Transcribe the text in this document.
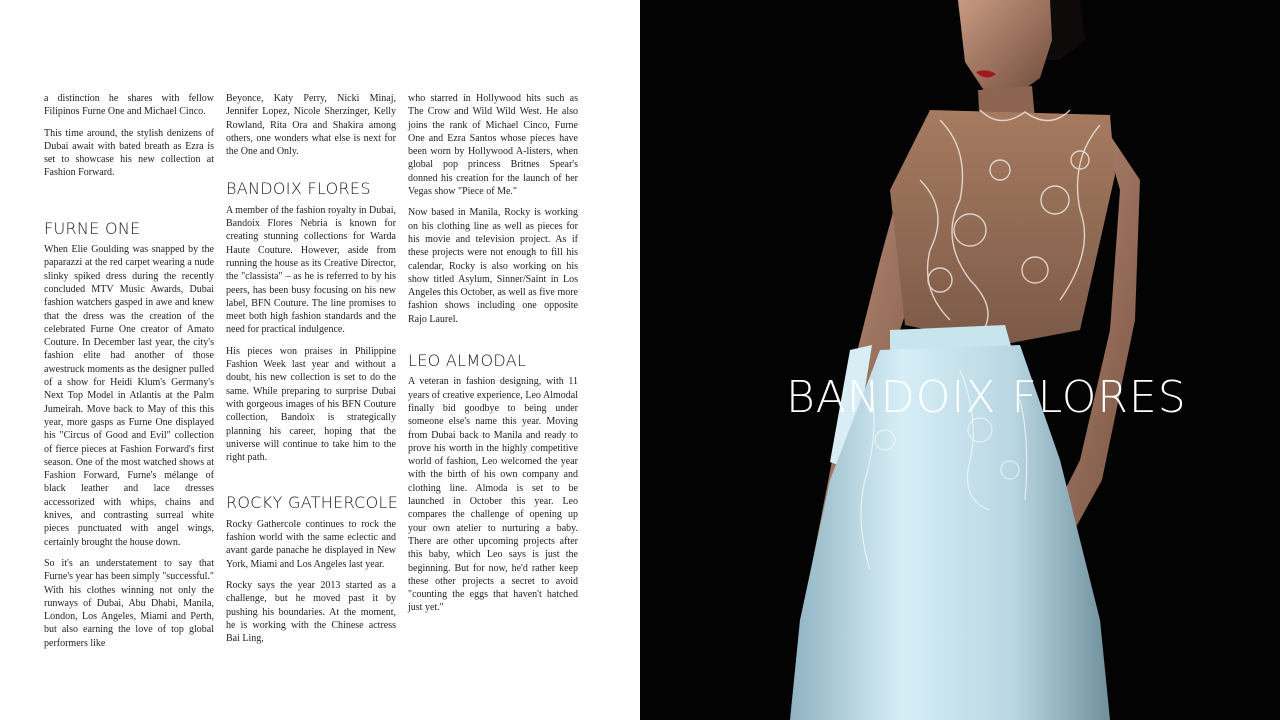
a distinction he shares with fellow Filipinos Furne One and Michael Cinco.

This time around, the stylish denizens of Dubai await with bated breath as Ezra is set to showcase his new collection at Fashion Forward.

FURNE ONE

When Elie Goulding was snapped by the paparazzi at the red carpet wearing a nude slinky spiked dress during the recently concluded MTV Music Awards, Dubai fashion watchers gasped in awe and knew that the dress was the creation of the celebrated Furne One creator of Amato Couture. In December last year, the city's fashion elite had another of those awestruck moments as the designer pulled of a show for Heidi Klum's Germany's Next Top Model in Atlantis at the Palm Jumeirah. Move back to May of this this year, more gasps as Furne One displayed his "Circus of Good and Evil" collection of fierce pieces at Fashion Forward's first season. One of the most watched shows at Fashion Forward, Furne's mélange of black leather and lace dresses accessorized with whips, chains and knives, and contrasting surreal white pieces punctuated with angel wings, certainly brought the house down.

So it's an understatement to say that Furne's year has been simply "successful." With his clothes winning not only the runways of Dubai, Abu Dhabi, Manila, London, Los Angeles, Miami and Perth, but also earning the love of top global performers like

Beyonce, Katy Perry, Nicki Minaj, Jennifer Lopez, Nicole Sherzinger, Kelly Rowland, Rita Ora and Shakira among others, one wonders what else is next for the One and Only.

BANDOIX FLORES

A member of the fashion royalty in Dubai, Bandoix Flores Nebria is known for creating stunning collections for Warda Haute Couture. However, aside from running the house as its Creative Director, the "classista" – as he is referred to by his peers, has been busy focusing on his new label, BFN Couture. The line promises to meet both high fashion standards and the need for practical indulgence.

His pieces won praises in Philippine Fashion Week last year and without a doubt, his new collection is set to do the same. While preparing to surprise Dubai with gorgeous images of his BFN Couture collection, Bandoix is strategically planning his career, hoping that the universe will continue to take him to the right path.

ROCKY GATHERCOLE

Rocky Gathercole continues to rock the fashion world with the same eclectic and avant garde panache he displayed in New York, Miami and Los Angeles last year.

Rocky says the year 2013 started as a challenge, but he moved past it by pushing his boundaries. At the moment, he is working with the Chinese actress Bai Ling,

who starred in Hollywood hits such as The Crow and Wild Wild West. He also joins the rank of Michael Cinco, Furne One and Ezra Santos whose pieces have been worn by Hollywood A-listers, when global pop princess Britnes Spear's donned his creation for the launch of her Vegas show "Piece of Me."

Now based in Manila, Rocky is working on his clothing line as well as pieces for his movie and television project. As if these projects were not enough to fill his calendar, Rocky is also working on his show titled Asylum, Sinner/Saint in Los Angeles this October, as well as five more fashion shows including one opposite Rajo Laurel.

LEO ALMODAL

A veteran in fashion designing, with 11 years of creative experience, Leo Almodal finally bid goodbye to being under someone else's name this year. Moving from Dubai back to Manila and ready to prove his worth in the highly competitive world of fashion, Leo welcomed the year with the birth of his own company and clothing line. Almoda is set to be launched in October this year. Leo compares the challenge of opening up your own atelier to nurturing a baby. There are other upcoming projects after this baby, which Leo says is just the beginning. But for now, he'd rather keep these other projects a secret to avoid "counting the eggs that haven't hatched just yet."

BANDOIX FLORES
